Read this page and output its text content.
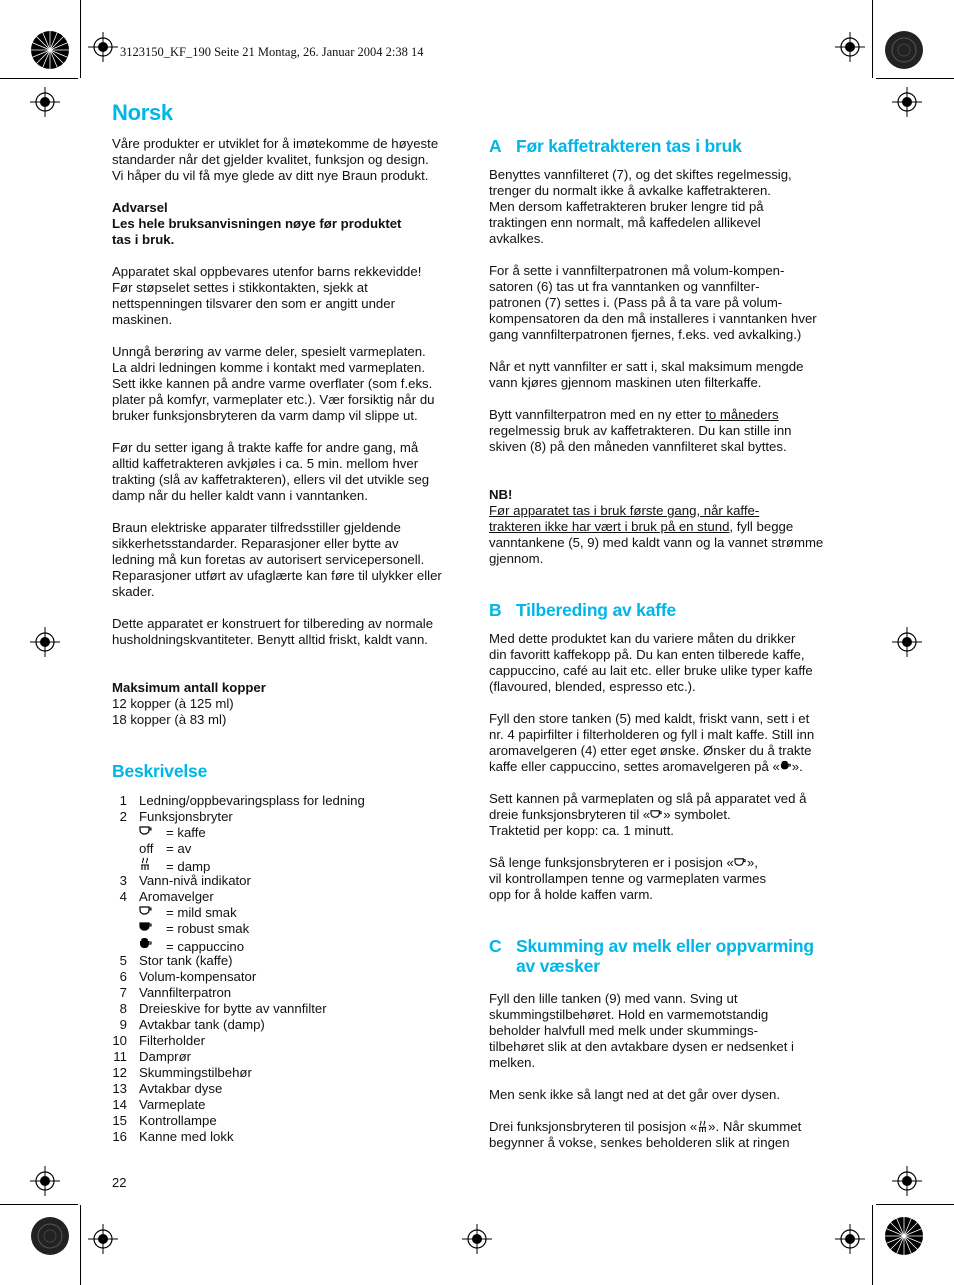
3123150_KF_190 Seite 21 Montag, 26. Januar 2004 2:38 14
Norsk

Våre produkter er utviklet for å imøtekomme de høyeste
standarder når det gjelder kvalitet, funksjon og design.
Vi håper du vil få mye glede av ditt nye Braun produkt.

Advarsel

Les hele bruksanvisningen nøye før produktet
tas i bruk.

Apparatet skal oppbevares utenfor barns rekkevidde!
Før støpselet settes i stikkontakten, sjekk at
nettspenningen tilsvarer den som er angitt under
maskinen.

Unngå berøring av varme deler, spesielt varmeplaten.
La aldri ledningen komme i kontakt med varmeplaten.
Sett ikke kannen på andre varme overflater (som f.eks.
plater på komfyr, varmeplater etc.). Vær forsiktig når du
bruker funksjonsbryteren da varm damp vil slippe ut.

Før du setter igang å trakte kaffe for andre gang, må
alltid kaffetrakteren avkjøles i ca. 5 min. mellom hver
trakting (slå av kaffetrakteren), ellers vil det utvikle seg
damp når du heller kaldt vann i vanntanken.

Braun elektriske apparater tilfredsstiller gjeldende
sikkerhetsstandarder. Reparasjoner eller bytte av
ledning må kun foretas av autorisert servicepersonell.
Reparasjoner utført av ufaglærte kan føre til ulykker eller
skader.

Dette apparatet er konstruert for tilbereding av normale
husholdningskvantiteter. Benytt alltid friskt, kaldt vann.

Maksimum antall kopper

12 kopper (à 125 ml)

18 kopper (à 83 ml)

Beskrivelse

1 Ledning/oppbevaringsplass for ledning
2 Funksjonsbryter
= kaffe
off = av
= damp
3 Vann-nivå indikator
4 Aromavelger
= mild smak
= robust smak
= cappuccino
5 Stor tank (kaffe)
6 Volum-kompensator
7 Vannfilterpatron
8 Dreieskive for bytte av vannfilter
9 Avtakbar tank (damp)
10 Filterholder
11 Damprør
12 Skummingstilbehør
13 Avtakbar dyse
14 Varmeplate
15 Kontrollampe
16 Kanne med lokk
22

A Før kaffetrakteren tas i bruk

Benyttes vannfilteret (7), og det skiftes regelmessig,
trenger du normalt ikke å avkalke kaffetrakteren.
Men dersom kaffetrakteren bruker lengre tid på
traktingen enn normalt, må kaffedelen allikevel
avkalkes.

For å sette i vannfilterpatronen må volum-kompen-
satoren (6) tas ut fra vanntanken og vannfilter-
patronen (7) settes i. (Pass på å ta vare på volum-
kompensatoren da den må installeres i vanntanken hver
gang vannfilterpatronen fjernes, f.eks. ved avkalking.)

Når et nytt vannfilter er satt i, skal maksimum mengde
vann kjøres gjennom maskinen uten filterkaffe.

Bytt vannfilterpatron med en ny etter to måneders
regelmessig bruk av kaffetrakteren. Du kan stille inn
skiven (8) på den måneden vannfilteret skal byttes.

NB!

Før apparatet tas i bruk første gang, når kaffe-
trakteren ikke har vært i bruk på en stund, fyll begge
vanntankene (5, 9) med kaldt vann og la vannet strømme
gjennom.

B Tilbereding av kaffe

Med dette produktet kan du variere måten du drikker
din favoritt kaffekopp på. Du kan enten tilberede kaffe,
cappuccino, café au lait etc. eller bruke ulike typer kaffe
(flavoured, blended, espresso etc.).

Fyll den store tanken (5) med kaldt, friskt vann, sett i et
nr. 4 papirfilter i filterholderen og fyll i malt kaffe. Still inn
aromavelgeren (4) etter eget ønske. Ønsker du å trakte
kaffe eller cappuccino, settes aromavelgeren på « ».

Sett kannen på varmeplaten og slå på apparatet ved å
dreie funksjonsbryteren til « » symbolet.
Traktetid per kopp: ca. 1 minutt.

Så lenge funksjonsbryteren er i posisjon « »,
vil kontrollampen tenne og varmeplaten varmes
opp for å holde kaffen varm.

C Skumming av melk eller oppvarming
av væsker

Fyll den lille tanken (9) med vann. Sving ut
skummingstilbehøret. Hold en varmemotstandig
beholder halvfull med melk under skummings-
tilbehøret slik at den avtakbare dysen er nedsenket i
melken.

Men senk ikke så langt ned at det går over dysen.

Drei funksjonsbryteren til posisjon « ». Når skummet
begynner å vokse, senkes beholderen slik at ringen
